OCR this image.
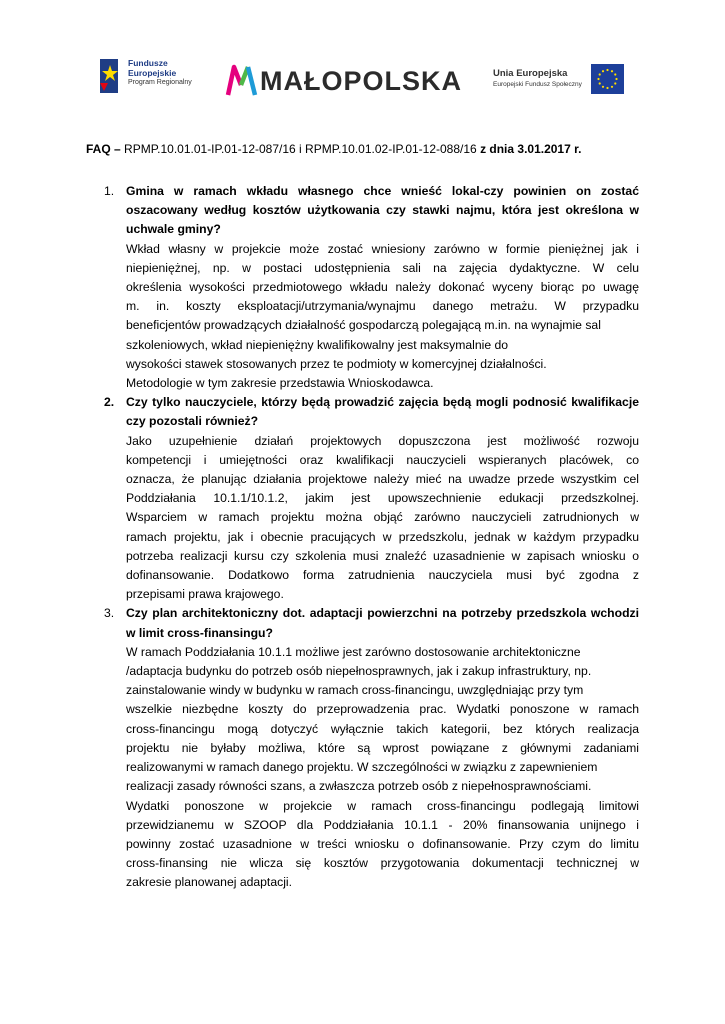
Fundusze
Europejskie
Program Regionalny	MAŁOPOLSKA	Unia Europejska
Europejski Fundusz Społeczny
FAQ – RPMP.10.01.01-IP.01-12-087/16 i RPMP.10.01.02-IP.01-12-088/16 z dnia 3.01.2017 r.
1. Gmina w ramach wkładu własnego chce wnieść lokal-czy powinien on zostać oszacowany według kosztów użytkowania czy stawki najmu, która jest określona w uchwale gminy?

Wkład własny w projekcie może zostać wniesiony zarówno w formie pieniężnej jak i
niepieniężnej, np. w postaci udostępnienia sali na zajęcia dydaktyczne. W celu
określenia wysokości przedmiotowego wkładu należy dokonać wyceny biorąc po uwagę
m. in. koszty eksploatacji/utrzymania/wynajmu danego metrażu. W przypadku
beneficjentów prowadzących działalność gospodarczą polegającą m.in. na wynajmie sal
szkoleniowych, wkład niepieniężny kwalifikowalny jest maksymalnie do
wysokości stawek stosowanych przez te podmioty w komercyjnej działalności.
Metodologie w tym zakresie przedstawia Wnioskodawca.
2. Czy tylko nauczyciele, którzy będą prowadzić zajęcia będą mogli podnosić kwalifikacje czy pozostali również?

Jako uzupełnienie działań projektowych dopuszczona jest możliwość rozwoju
kompetencji i umiejętności oraz kwalifikacji nauczycieli wspieranych placówek, co
oznacza, że planując działania projektowe należy mieć na uwadze przede wszystkim cel
Poddziałania 10.1.1/10.1.2, jakim jest upowszechnienie edukacji przedszkolnej.
Wsparciem w ramach projektu można objąć zarówno nauczycieli zatrudnionych w
ramach projektu, jak i obecnie pracujących w przedszkolu, jednak w każdym przypadku
potrzeba realizacji kursu czy szkolenia musi znaleźć uzasadnienie w zapisach wniosku o
dofinansowanie. Dodatkowo forma zatrudnienia nauczyciela musi być zgodna z
przepisami prawa krajowego.
3. Czy plan architektoniczny dot. adaptacji powierzchni na potrzeby przedszkola wchodzi w limit cross-finansingu?

W ramach Poddziałania 10.1.1 możliwe jest zarówno dostosowanie architektoniczne
/adaptacja budynku do potrzeb osób niepełnosprawnych, jak i zakup infrastruktury, np.
zainstalowanie windy w budynku w ramach cross-financingu, uwzględniając przy tym
wszelkie niezbędne koszty do przeprowadzenia prac. Wydatki ponoszone w ramach
cross-financingu mogą dotyczyć wyłącznie takich kategorii, bez których realizacja
projektu nie byłaby możliwa, które są wprost powiązane z głównymi zadaniami
realizowanymi w ramach danego projektu. W szczególności w związku z zapewnieniem
realizacji zasady równości szans, a zwłaszcza potrzeb osób z niepełnosprawnościami.
Wydatki ponoszone w projekcie w ramach cross-financingu podlegają limitowi
przewidzianemu w SZOOP dla Poddziałania 10.1.1 - 20% finansowania unijnego i
powinny zostać uzasadnione w treści wniosku o dofinansowanie. Przy czym do limitu
cross-finansing nie wlicza się kosztów przygotowania dokumentacji technicznej w
zakresie planowanej adaptacji.
